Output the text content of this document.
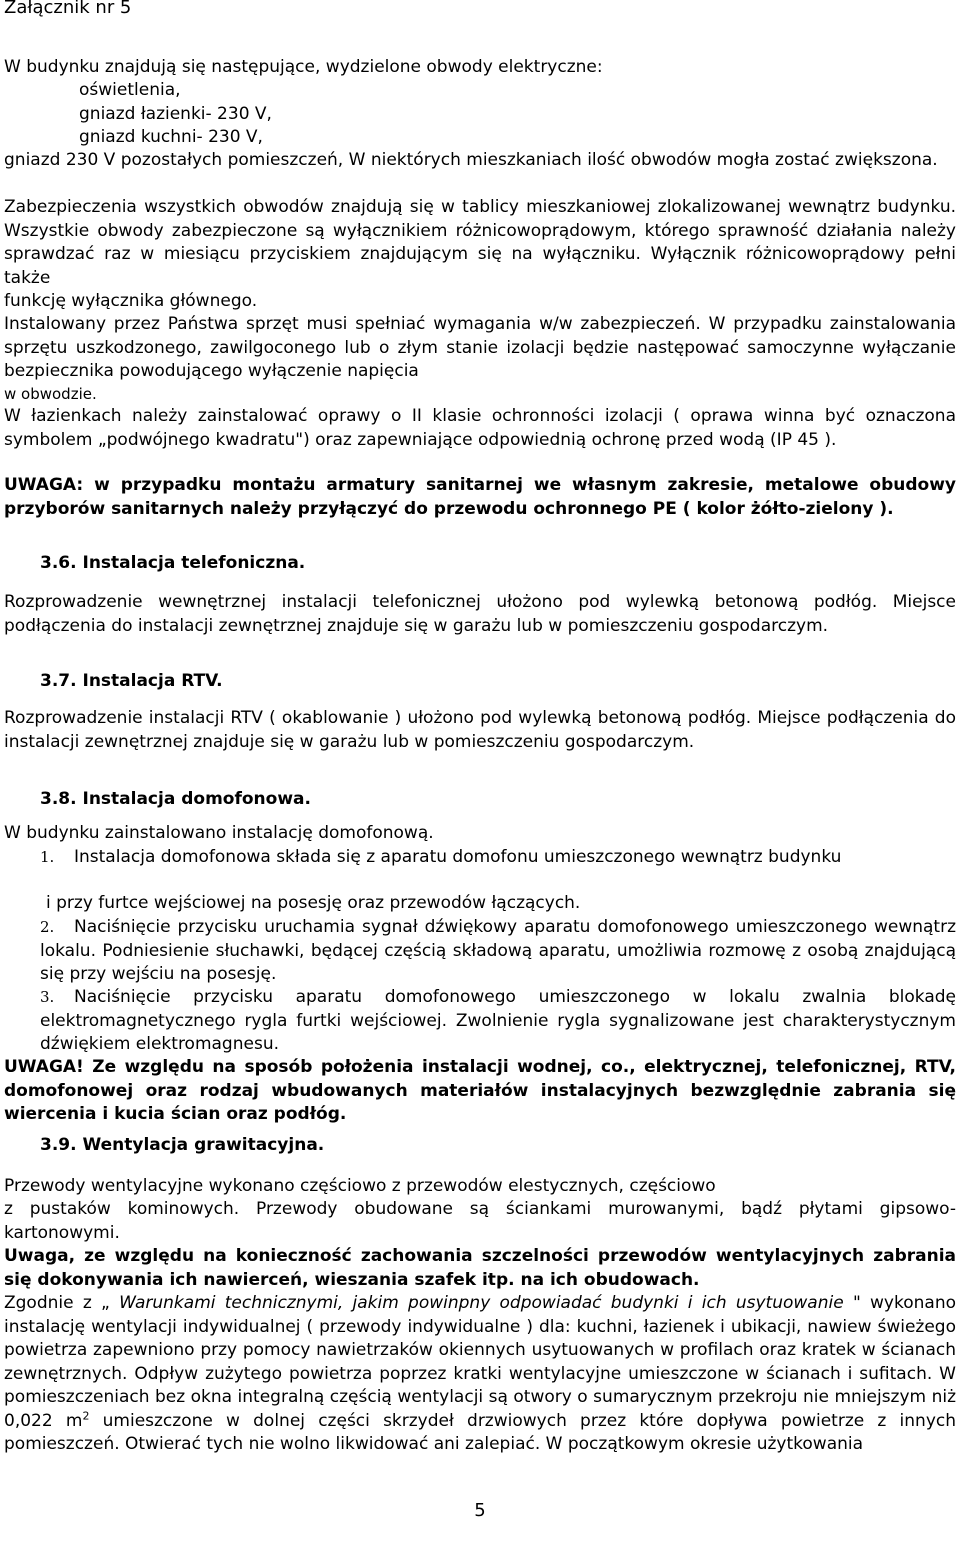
Załącznik nr 5

W budynku znajdują się następujące, wydzielone obwody elektryczne:

oświetlenia,

gniazd łazienki- 230 V,

gniazd kuchni- 230 V,

gniazd 230 V pozostałych pomieszczeń, W niektórych mieszkaniach ilość obwodów mogła zostać zwiększona.

Zabezpieczenia wszystkich obwodów znajdują się w tablicy mieszkaniowej zlokalizowanej wewnątrz budynku. Wszystkie obwody zabezpieczone są wyłącznikiem różnicowoprądowym, którego sprawność działania należy sprawdzać raz w miesiącu przyciskiem znajdującym się na wyłączniku. Wyłącznik różnicowoprądowy pełni także

funkcję wyłącznika głównego.

Instalowany przez Państwa sprzęt musi spełniać wymagania w/w zabezpieczeń. W przypadku zainstalowania sprzętu uszkodzonego, zawilgoconego lub o złym stanie izolacji będzie następować samoczynne wyłączanie bezpiecznika powodującego wyłączenie napięcia

w obwodzie.

W łazienkach należy zainstalować oprawy o II klasie ochronności izolacji ( oprawa winna być oznaczona symbolem „podwójnego kwadratu") oraz zapewniające odpowiednią ochronę przed wodą (IP 45 ).

UWAGA: w przypadku montażu armatury sanitarnej we własnym zakresie, metalowe obudowy przyborów sanitarnych należy przyłączyć do przewodu ochronnego PE ( kolor żółto-zielony ).

3.6. Instalacja telefoniczna.

Rozprowadzenie wewnętrznej instalacji telefonicznej ułożono pod wylewką betonową podłóg. Miejsce podłączenia do instalacji zewnętrznej znajduje się w garażu lub w pomieszczeniu gospodarczym.

3.7. Instalacja RTV.

Rozprowadzenie instalacji RTV ( okablowanie ) ułożono pod wylewką betonową podłóg. Miejsce podłączenia do instalacji zewnętrznej znajduje się w garażu lub w pomieszczeniu gospodarczym.

3.8. Instalacja domofonowa.

W budynku zainstalowano instalację domofonową.

1. Instalacja domofonowa składa się z aparatu domofonu umieszczonego wewnątrz budynku

i przy furtce wejściowej na posesję oraz przewodów łączących.

2. Naciśnięcie przycisku uruchamia sygnał dźwiękowy aparatu domofonowego umieszczonego wewnątrz lokalu. Podniesienie słuchawki, będącej częścią składową aparatu, umożliwia rozmowę z osobą znajdującą się przy wejściu na posesję.
3. Naciśnięcie przycisku aparatu domofonowego umieszczonego w lokalu zwalnia blokadę elektromagnetycznego rygla furtki wejściowej. Zwolnienie rygla sygnalizowane jest charakterystycznym dźwiękiem elektromagnesu.

UWAGA! Ze względu na sposób położenia instalacji wodnej, co., elektrycznej, telefonicznej, RTV, domofonowej oraz rodzaj wbudowanych materiałów instalacyjnych bezwzględnie zabrania się wiercenia i kucia ścian oraz podłóg.

3.9. Wentylacja grawitacyjna.

Przewody wentylacyjne wykonano częściowo z przewodów elestycznych, częściowo

z pustaków kominowych. Przewody obudowane są ściankami murowanymi, bądź płytami gipsowo-kartonowymi.

Uwaga, ze względu na konieczność zachowania szczelności przewodów wentylacyjnych zabrania się dokonywania ich nawierceń, wieszania szafek itp. na ich obudowach.

Zgodnie z „ Warunkami technicznymi, jakim powinpny odpowiadać budynki i ich usytuowanie " wykonano instalację wentylacji indywidualnej ( przewody indywidualne ) dla: kuchni, łazienek i ubikacji, nawiew świeżego powietrza zapewniono przy pomocy nawietrzaków okiennych usytuowanych w profilach oraz kratek w ścianach zewnętrznych. Odpływ zużytego powietrza poprzez kratki wentylacyjne umieszczone w ścianach i sufitach. W pomieszczeniach bez okna integralną częścią wentylacji są otwory o sumarycznym przekroju nie mniejszym niż 0,022 $m^2$ umieszczone w dolnej części skrzydeł drzwiowych przez które dopływa powietrze z innych pomieszczeń. Otwierać tych nie wolno likwidować ani zalepiać. W początkowym okresie użytkowania

5
